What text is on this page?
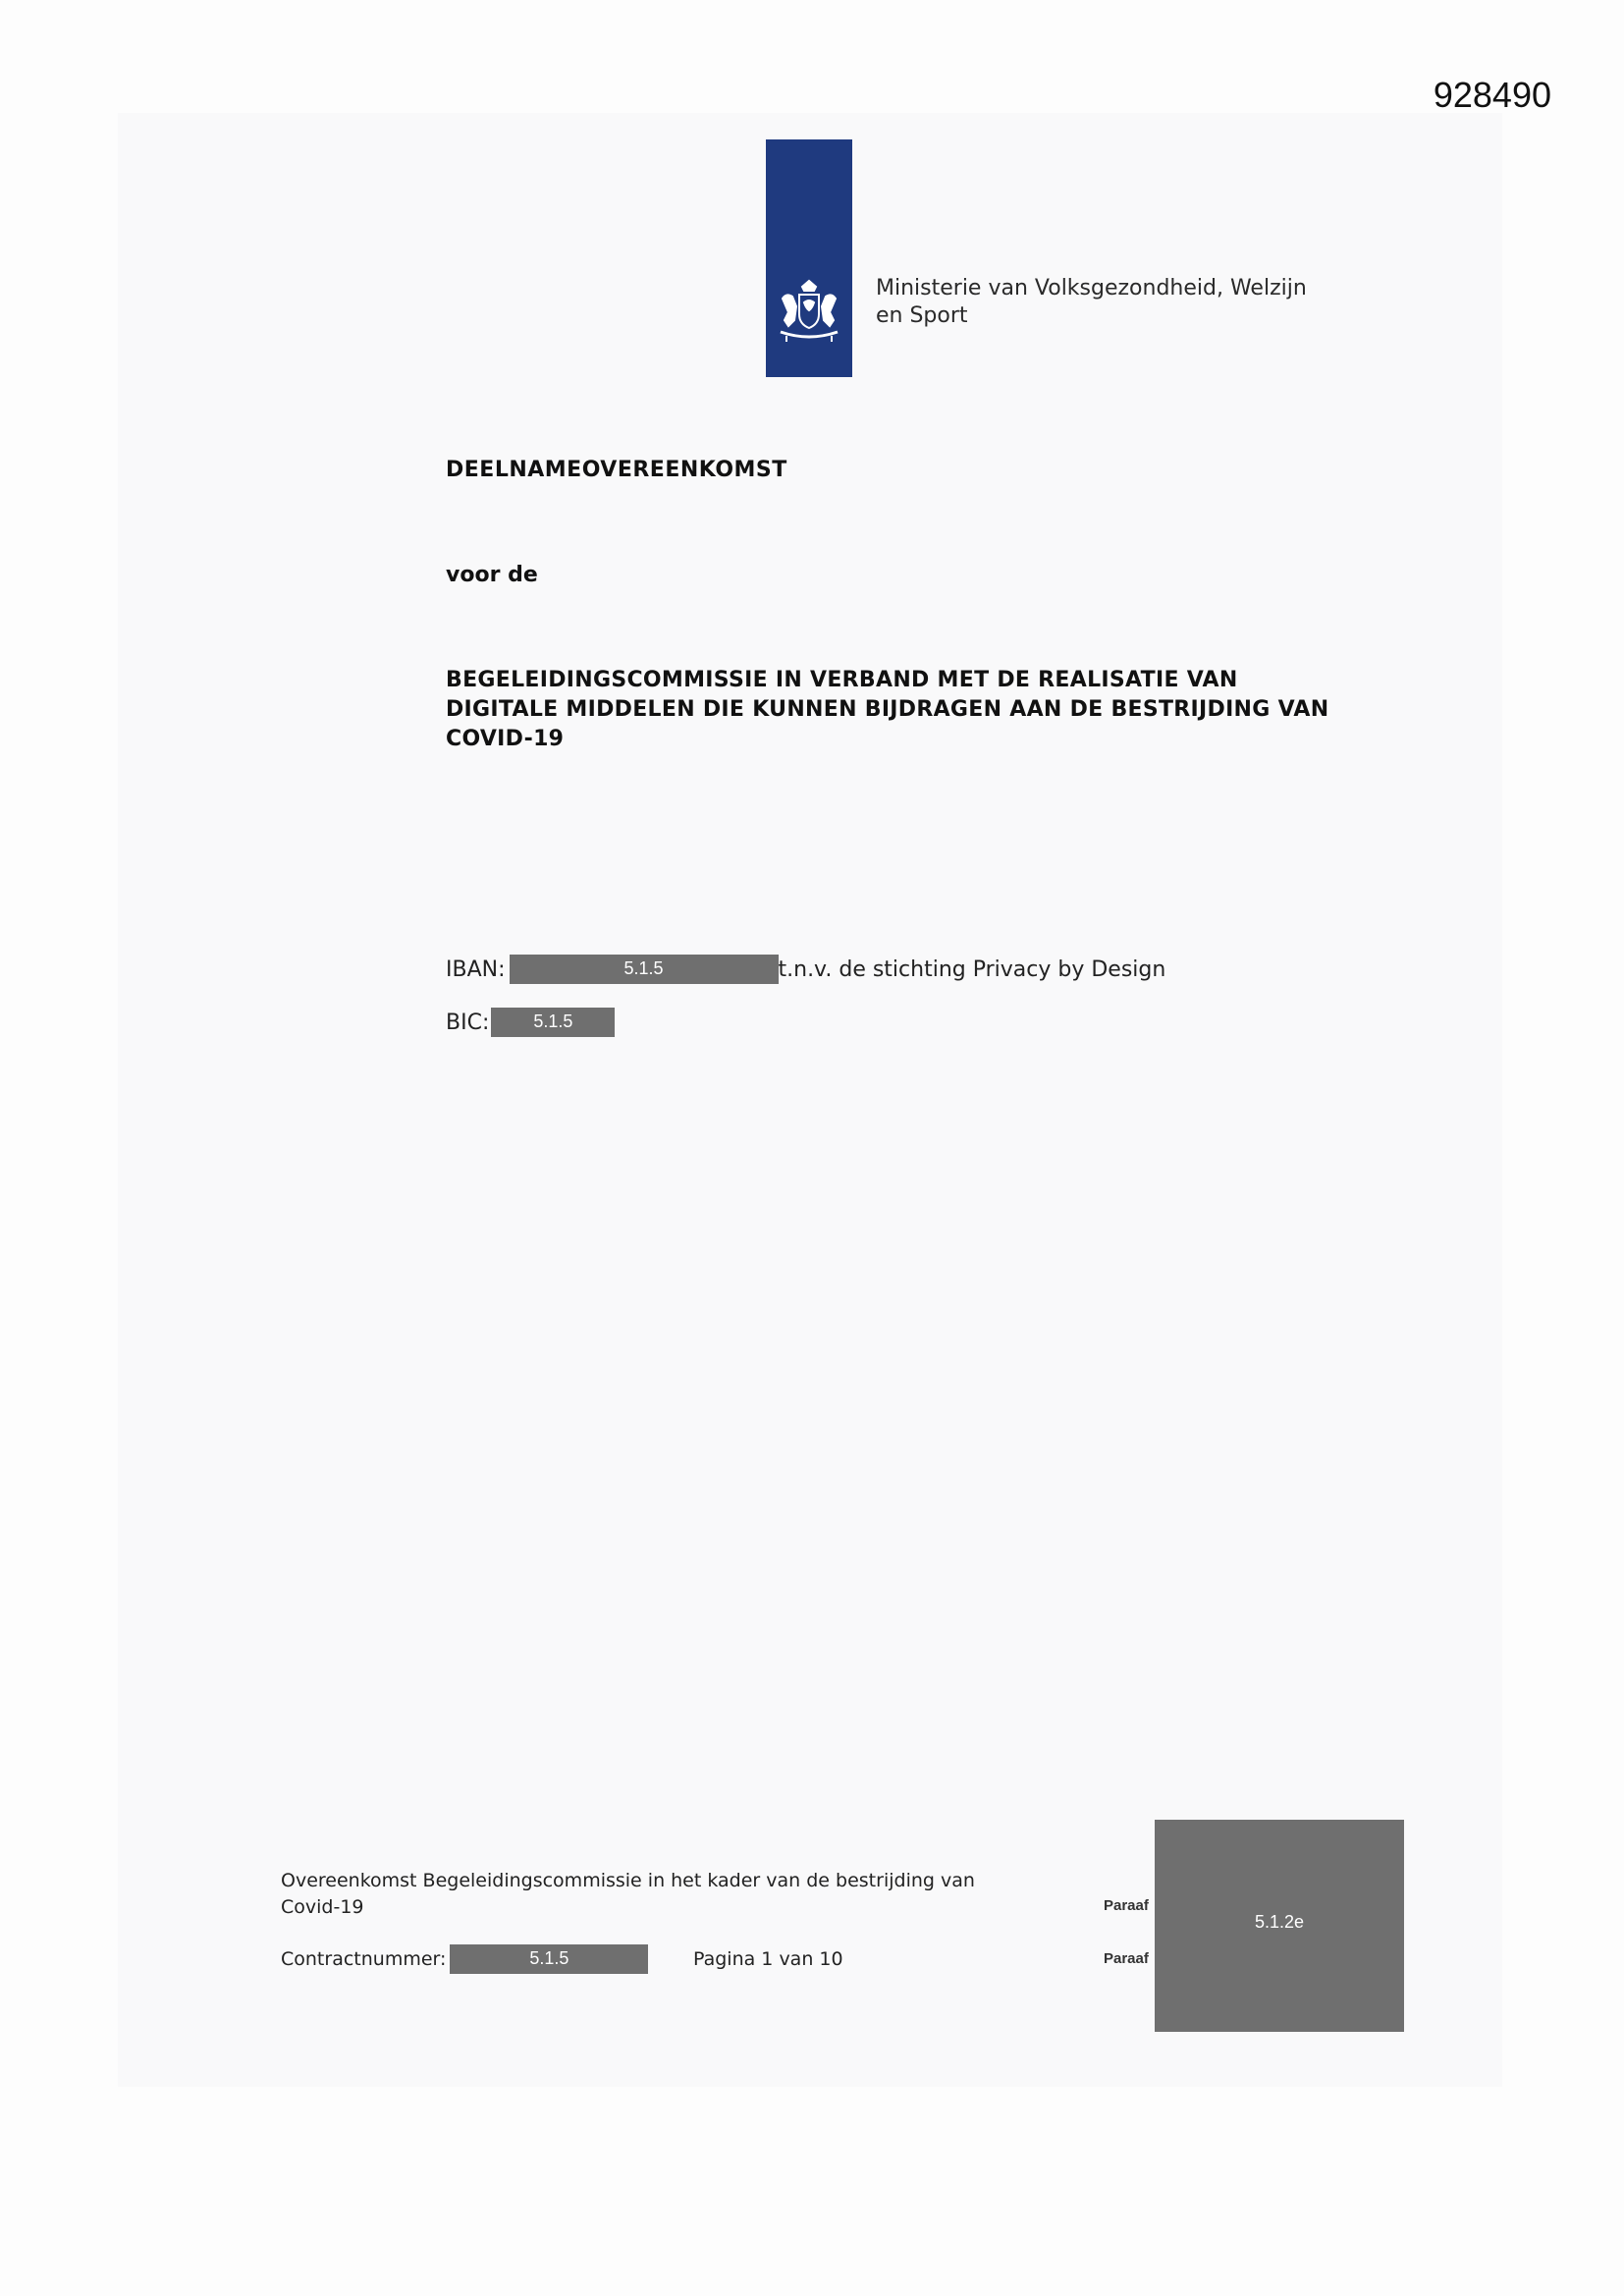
928490
Ministerie van Volksgezondheid, Welzijn
en Sport
DEELNAMEOVEREENKOMST

voor de

BEGELEIDINGSCOMMISSIE IN VERBAND MET DE REALISATIE VAN DIGITALE MIDDELEN DIE KUNNEN BIJDRAGEN AAN DE BESTRIJDING VAN COVID-19

IBAN:	5.1.5	t.n.v. de stichting Privacy by Design
BIC:	5.1.5
Overeenkomst Begeleidingscommissie in het kader van de bestrijding van Covid-19
Contractnummer:	5.1.5	Pagina 1 van 10
Paraaf
Paraaf
5.1.2e
